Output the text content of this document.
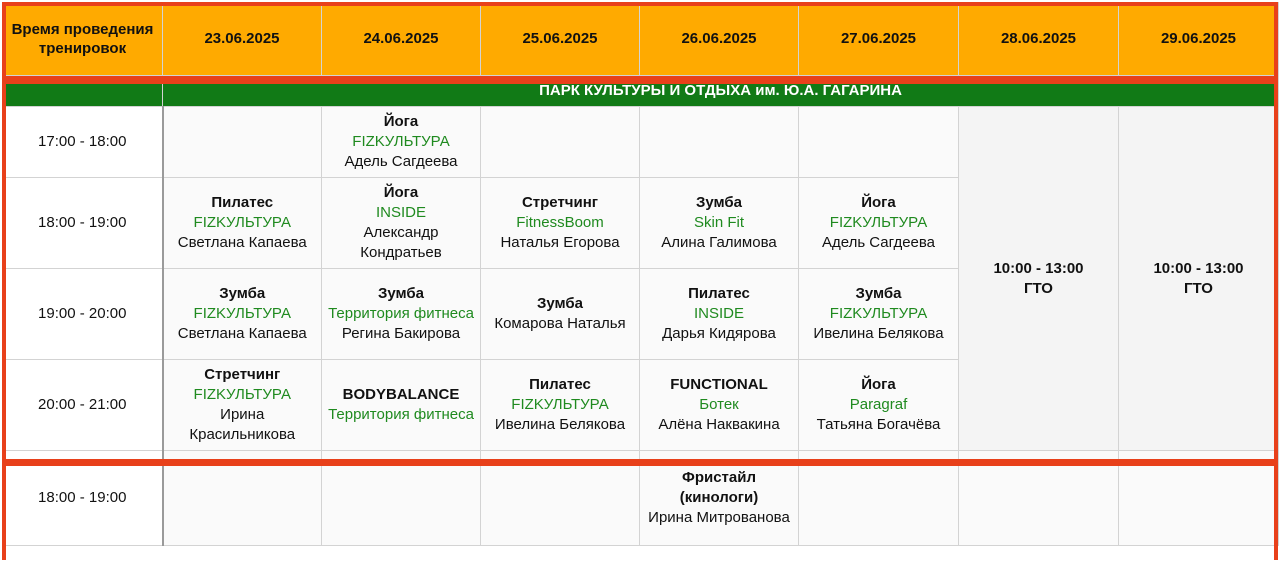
Время проведения тренировок	23.06.2025	24.06.2025	25.06.2025	26.06.2025	27.06.2025	28.06.2025	29.06.2025
	ПАРК КУЛЬТУРЫ И ОТДЫХА им. Ю.А. ГАГАРИНА						
17:00 - 18:00		Йога
FIZKУЛЬТУРА
Адель Сагдеева				10:00 - 13:00
ГТО	10:00 - 13:00
ГТО

18:00 - 19:00	Пилатес
FIZKУЛЬТУРА
Светлана Капаева	Йога
INSIDE
Александр Кондратьев	Стретчинг
FitnessBoom
Наталья Егорова	Зумба
Skin Fit
Алина Галимова	Йога
FIZKУЛЬТУРА
Адель Сагдеева		

19:00 - 20:00	Зумба
FIZKУЛЬТУРА
Светлана Капаева	Зумба
Территория фитнеса
Регина Бакирова	Зумба
Комарова Наталья	Пилатес
INSIDE
Дарья Кидярова	Зумба
FIZKУЛЬТУРА
Ивелина Белякова		

20:00 - 21:00	Стретчинг
FIZKУЛЬТУРА
Ирина Красильникова	BODYBALANCE
Территория фитнеса	Пилатес
FIZKУЛЬТУРА
Ивелина Белякова	FUNCTIONAL
Ботек
Алёна Наквакина	Йога
Paragraf
Татьяна Богачёва		

18:00 - 19:00				Фристайл (кинологи)
Ирина Митрованова			
